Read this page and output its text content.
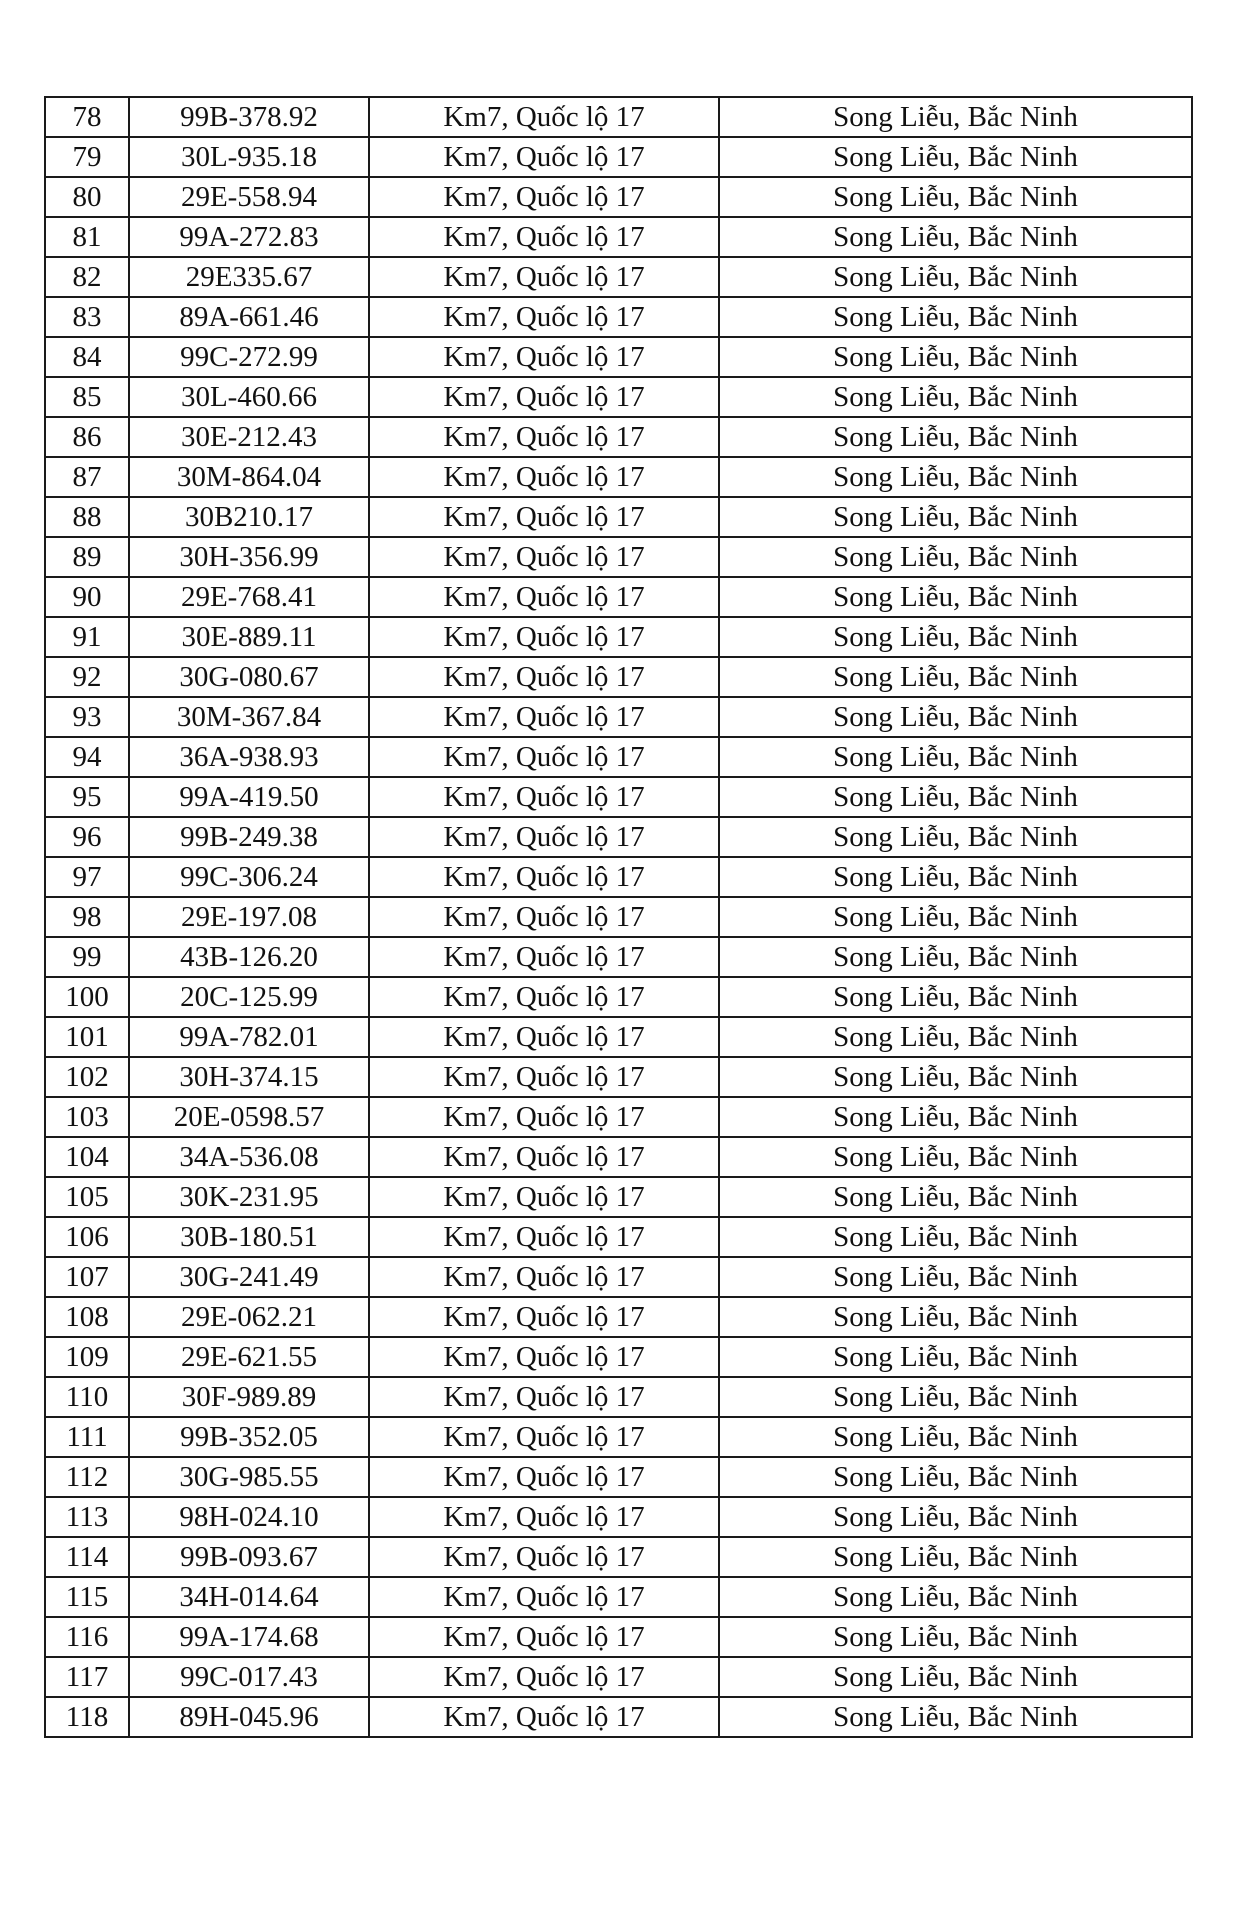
78	99B-378.92	Km7, Quốc lộ 17	Song Liễu, Bắc Ninh
79	30L-935.18	Km7, Quốc lộ 17	Song Liễu, Bắc Ninh
80	29E-558.94	Km7, Quốc lộ 17	Song Liễu, Bắc Ninh
81	99A-272.83	Km7, Quốc lộ 17	Song Liễu, Bắc Ninh
82	29E335.67	Km7, Quốc lộ 17	Song Liễu, Bắc Ninh
83	89A-661.46	Km7, Quốc lộ 17	Song Liễu, Bắc Ninh
84	99C-272.99	Km7, Quốc lộ 17	Song Liễu, Bắc Ninh
85	30L-460.66	Km7, Quốc lộ 17	Song Liễu, Bắc Ninh
86	30E-212.43	Km7, Quốc lộ 17	Song Liễu, Bắc Ninh
87	30M-864.04	Km7, Quốc lộ 17	Song Liễu, Bắc Ninh
88	30B210.17	Km7, Quốc lộ 17	Song Liễu, Bắc Ninh
89	30H-356.99	Km7, Quốc lộ 17	Song Liễu, Bắc Ninh
90	29E-768.41	Km7, Quốc lộ 17	Song Liễu, Bắc Ninh
91	30E-889.11	Km7, Quốc lộ 17	Song Liễu, Bắc Ninh
92	30G-080.67	Km7, Quốc lộ 17	Song Liễu, Bắc Ninh
93	30M-367.84	Km7, Quốc lộ 17	Song Liễu, Bắc Ninh
94	36A-938.93	Km7, Quốc lộ 17	Song Liễu, Bắc Ninh
95	99A-419.50	Km7, Quốc lộ 17	Song Liễu, Bắc Ninh
96	99B-249.38	Km7, Quốc lộ 17	Song Liễu, Bắc Ninh
97	99C-306.24	Km7, Quốc lộ 17	Song Liễu, Bắc Ninh
98	29E-197.08	Km7, Quốc lộ 17	Song Liễu, Bắc Ninh
99	43B-126.20	Km7, Quốc lộ 17	Song Liễu, Bắc Ninh
100	20C-125.99	Km7, Quốc lộ 17	Song Liễu, Bắc Ninh
101	99A-782.01	Km7, Quốc lộ 17	Song Liễu, Bắc Ninh
102	30H-374.15	Km7, Quốc lộ 17	Song Liễu, Bắc Ninh
103	20E-0598.57	Km7, Quốc lộ 17	Song Liễu, Bắc Ninh
104	34A-536.08	Km7, Quốc lộ 17	Song Liễu, Bắc Ninh
105	30K-231.95	Km7, Quốc lộ 17	Song Liễu, Bắc Ninh
106	30B-180.51	Km7, Quốc lộ 17	Song Liễu, Bắc Ninh
107	30G-241.49	Km7, Quốc lộ 17	Song Liễu, Bắc Ninh
108	29E-062.21	Km7, Quốc lộ 17	Song Liễu, Bắc Ninh
109	29E-621.55	Km7, Quốc lộ 17	Song Liễu, Bắc Ninh
110	30F-989.89	Km7, Quốc lộ 17	Song Liễu, Bắc Ninh
111	99B-352.05	Km7, Quốc lộ 17	Song Liễu, Bắc Ninh
112	30G-985.55	Km7, Quốc lộ 17	Song Liễu, Bắc Ninh
113	98H-024.10	Km7, Quốc lộ 17	Song Liễu, Bắc Ninh
114	99B-093.67	Km7, Quốc lộ 17	Song Liễu, Bắc Ninh
115	34H-014.64	Km7, Quốc lộ 17	Song Liễu, Bắc Ninh
116	99A-174.68	Km7, Quốc lộ 17	Song Liễu, Bắc Ninh
117	99C-017.43	Km7, Quốc lộ 17	Song Liễu, Bắc Ninh
118	89H-045.96	Km7, Quốc lộ 17	Song Liễu, Bắc Ninh
